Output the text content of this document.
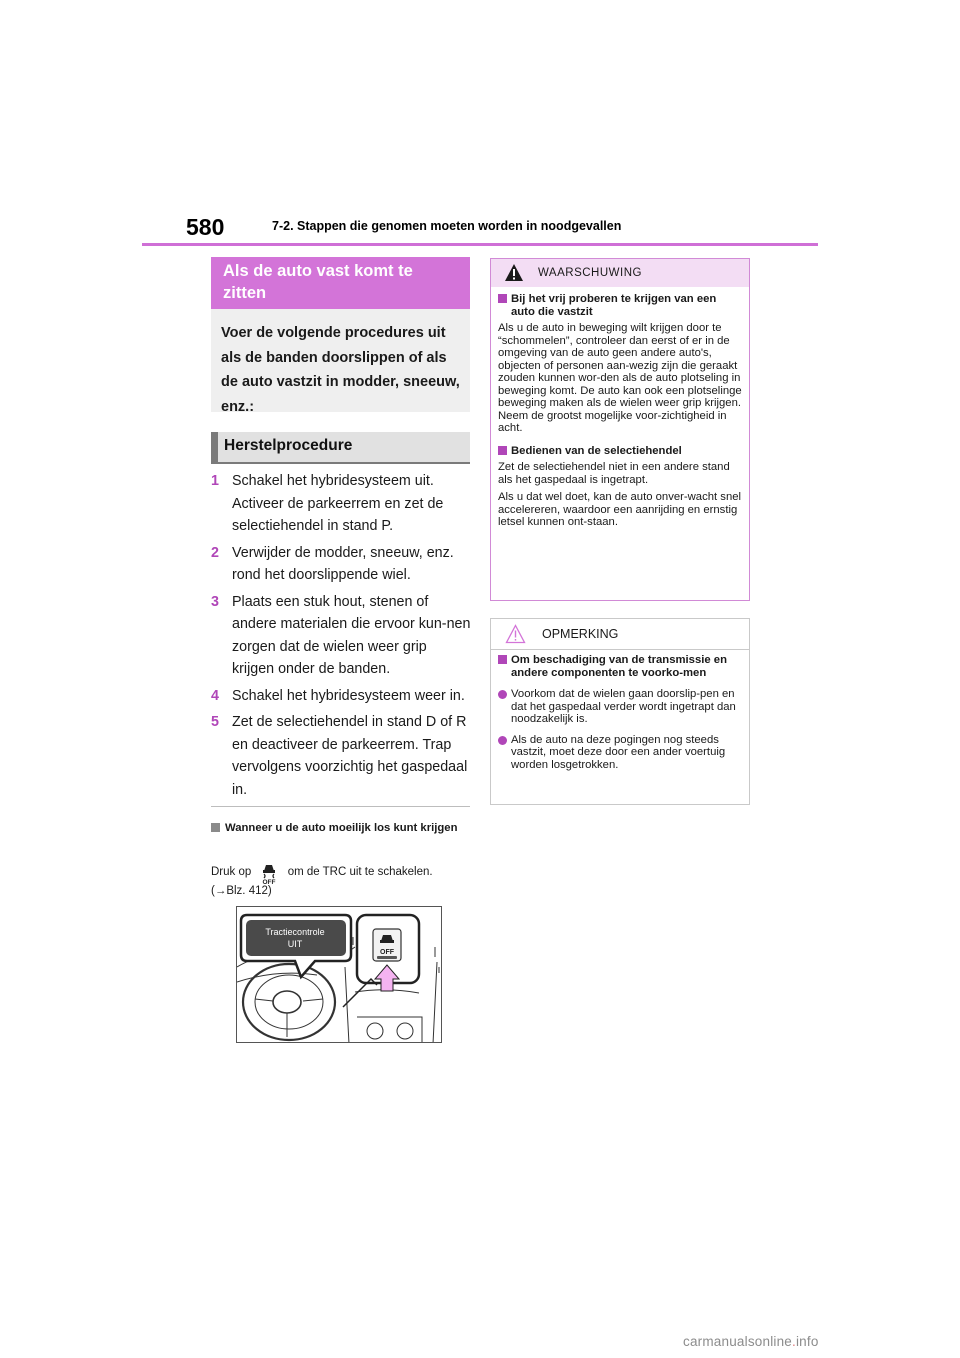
580	7-2. Stappen die genomen moeten worden in noodgevallen
Als de auto vast komt te zitten
Voer de volgende procedures uit als de banden doorslippen of als de auto vastzit in modder, sneeuw, enz.:
Herstelprocedure
1 Schakel het hybridesysteem uit. Activeer de parkeerrem en zet de selectiehendel in stand P.
2 Verwijder de modder, sneeuw, enz. rond het doorslippende wiel.
3 Plaats een stuk hout, stenen of andere materialen die ervoor kun-nen zorgen dat de wielen weer grip krijgen onder de banden.
4 Schakel het hybridesysteem weer in.
5 Zet de selectiehendel in stand D of R en deactiveer de parkeerrem. Trap vervolgens voorzichtig het gaspedaal in.
Wanneer u de auto moeilijk los kunt krijgen
Druk op
OFF
om de TRC uit te schakelen.
(→Blz. 412)
OFF
Tractiecontrole
UIT
WAARSCHUWING
Bij het vrij proberen te krijgen van een auto die vastzit
Als u de auto in beweging wilt krijgen door te “schommelen”, controleer dan eerst of er in de omgeving van de auto geen andere auto's, objecten of personen aan-wezig zijn die geraakt zouden kunnen wor-den als de auto plotseling in beweging komt. De auto kan ook een plotselinge beweging maken als de wielen weer grip krijgen. Neem de grootst mogelijke voor-zichtigheid in acht.
Bedienen van de selectiehendel
Zet de selectiehendel niet in een andere stand als het gaspedaal is ingetrapt.
Als u dat wel doet, kan de auto onver-wacht snel accelereren, waardoor een aanrijding en ernstig letsel kunnen ont-staan.
OPMERKING
Om beschadiging van de transmissie en andere componenten te voorko-men
Voorkom dat de wielen gaan doorslip-pen en dat het gaspedaal verder wordt ingetrapt dan noodzakelijk is.
Als de auto na deze pogingen nog steeds vastzit, moet deze door een ander voertuig worden losgetrokken.
carmanualsonline.info
